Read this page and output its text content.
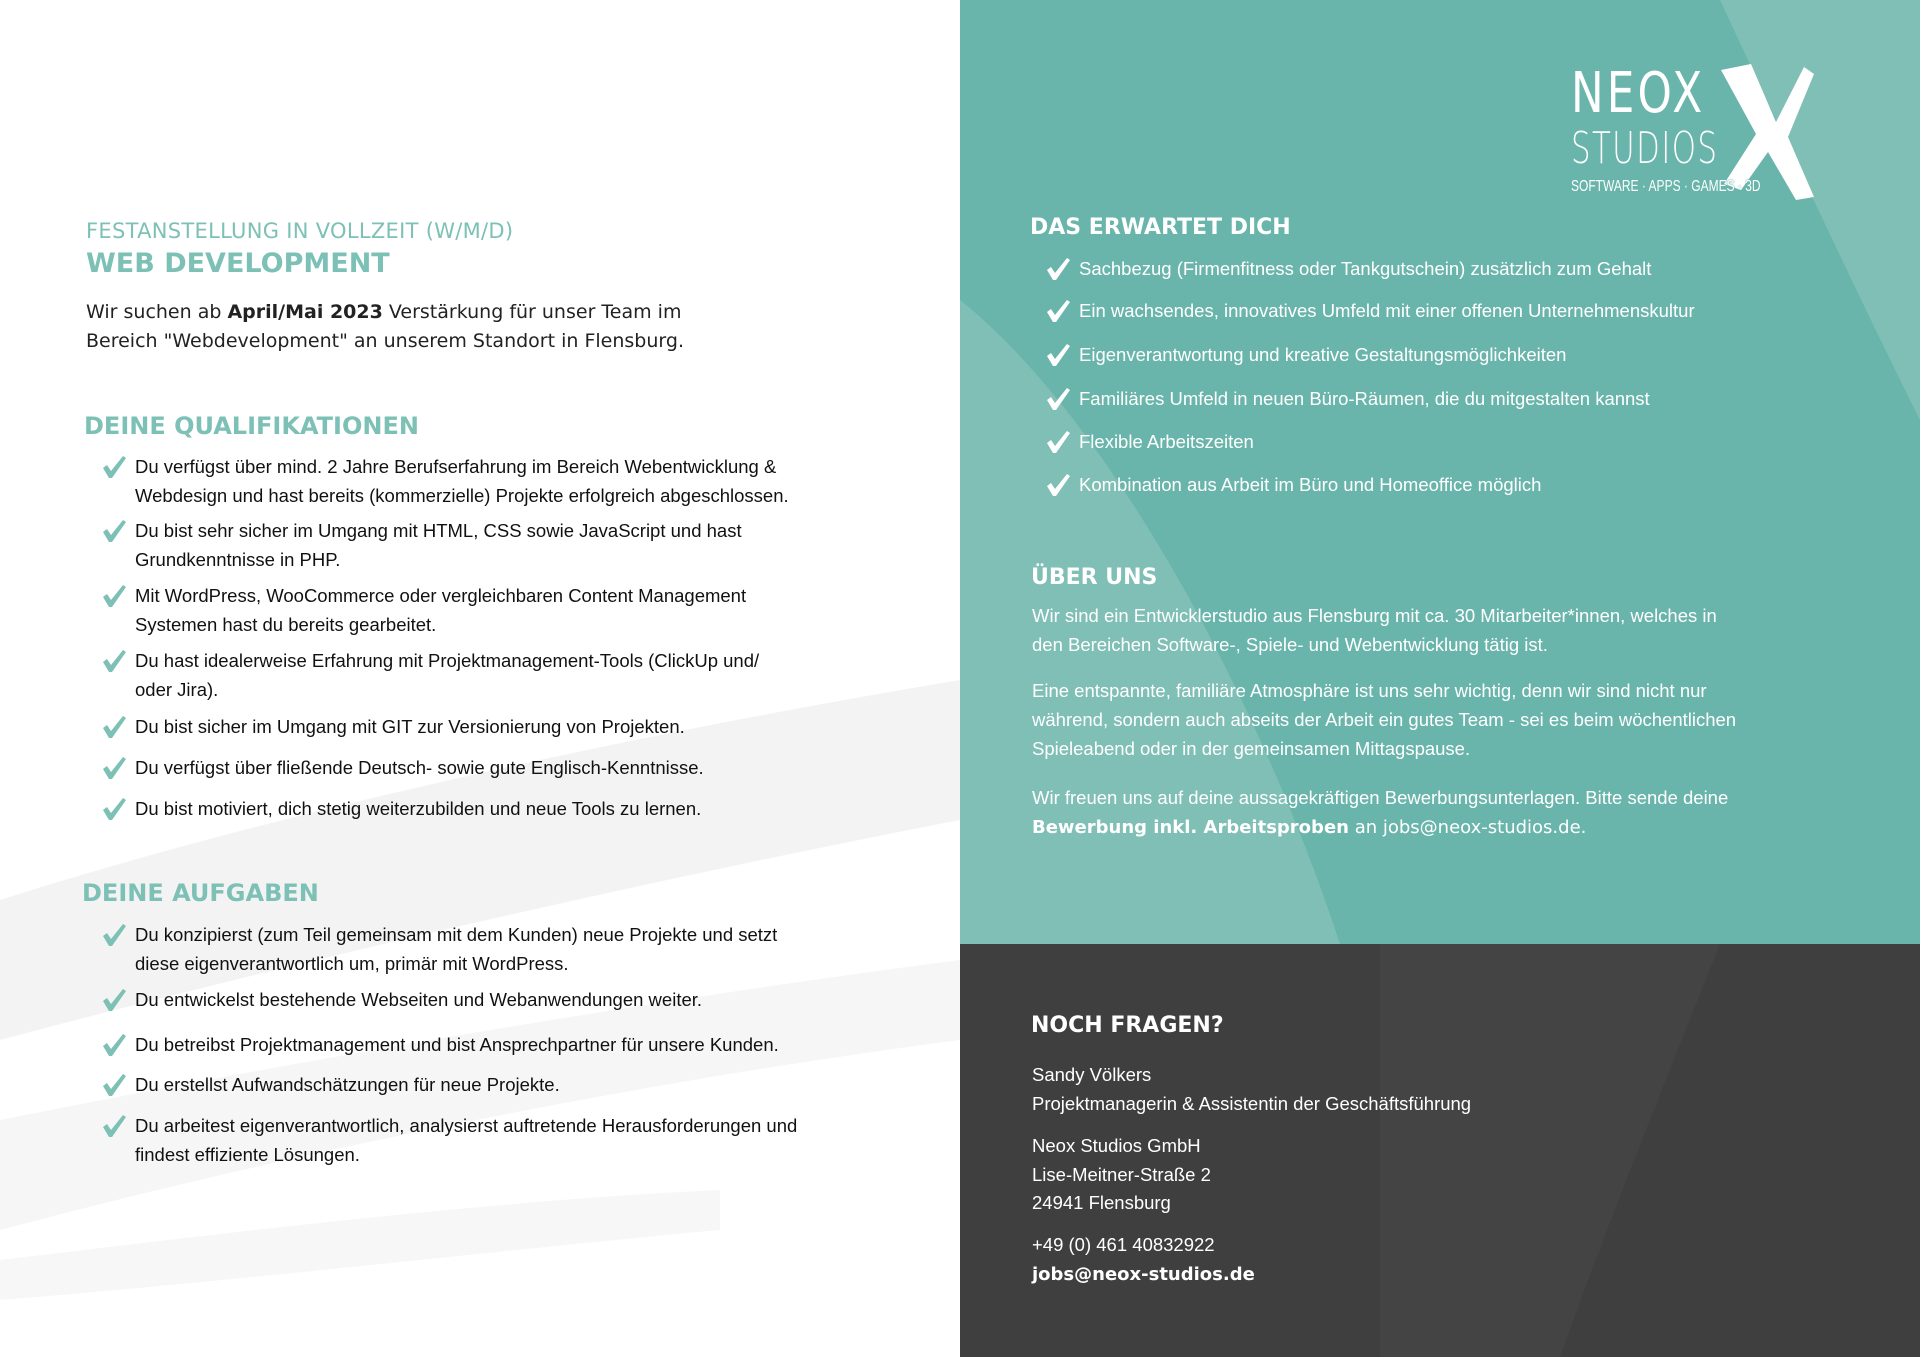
FESTANSTELLUNG IN VOLLZEIT (W/M/D)
WEB DEVELOPMENT
Wir suchen ab April/Mai 2023 Verstärkung für unser Team im
Bereich "Webdevelopment" an unserem Standort in Flensburg.
DEINE QUALIFIKATIONEN
Du verfügst über mind. 2 Jahre Berufserfahrung im Bereich Webentwicklung &
Webdesign und hast bereits (kommerzielle) Projekte erfolgreich abgeschlossen.
Du bist sehr sicher im Umgang mit HTML, CSS sowie JavaScript und hast
Grundkenntnisse in PHP.
Mit WordPress, WooCommerce oder vergleichbaren Content Management
Systemen hast du bereits gearbeitet.
Du hast idealerweise Erfahrung mit Projektmanagement-Tools (ClickUp und/
oder Jira).
Du bist sicher im Umgang mit GIT zur Versionierung von Projekten.
Du verfügst über fließende Deutsch- sowie gute Englisch-Kenntnisse.
Du bist motiviert, dich stetig weiterzubilden und neue Tools zu lernen.
DEINE AUFGABEN
Du konzipierst (zum Teil gemeinsam mit dem Kunden) neue Projekte und setzt
diese eigenverantwortlich um, primär mit WordPress.
Du entwickelst bestehende Webseiten und Webanwendungen weiter.
Du betreibst Projektmanagement und bist Ansprechpartner für unsere Kunden.
Du erstellst Aufwandschätzungen für neue Projekte.
Du arbeitest eigenverantwortlich, analysierst auftretende Herausforderungen und
findest effiziente Lösungen.
NEOX
STUDIOS
SOFTWARE · APPS · GAMES · 3D
DAS ERWARTET DICH
Sachbezug (Firmenfitness oder Tankgutschein) zusätzlich zum Gehalt
Ein wachsendes, innovatives Umfeld mit einer offenen Unternehmenskultur
Eigenverantwortung und kreative Gestaltungsmöglichkeiten
Familiäres Umfeld in neuen Büro-Räumen, die du mitgestalten kannst
Flexible Arbeitszeiten
Kombination aus Arbeit im Büro und Homeoffice möglich
ÜBER UNS
Wir sind ein Entwicklerstudio aus Flensburg mit ca. 30 Mitarbeiter*innen, welches in
den Bereichen Software-, Spiele- und Webentwicklung tätig ist.
Eine entspannte, familiäre Atmosphäre ist uns sehr wichtig, denn wir sind nicht nur
während, sondern auch abseits der Arbeit ein gutes Team - sei es beim wöchentlichen
Spieleabend oder in der gemeinsamen Mittagspause.
Wir freuen uns auf deine aussagekräftigen Bewerbungsunterlagen. Bitte sende deine
Bewerbung inkl. Arbeitsproben an jobs@neox-studios.de.
NOCH FRAGEN?
Sandy Völkers
Projektmanagerin & Assistentin der Geschäftsführung
Neox Studios GmbH
Lise-Meitner-Straße 2
24941 Flensburg
+49 (0) 461 40832922
jobs@neox-studios.de
